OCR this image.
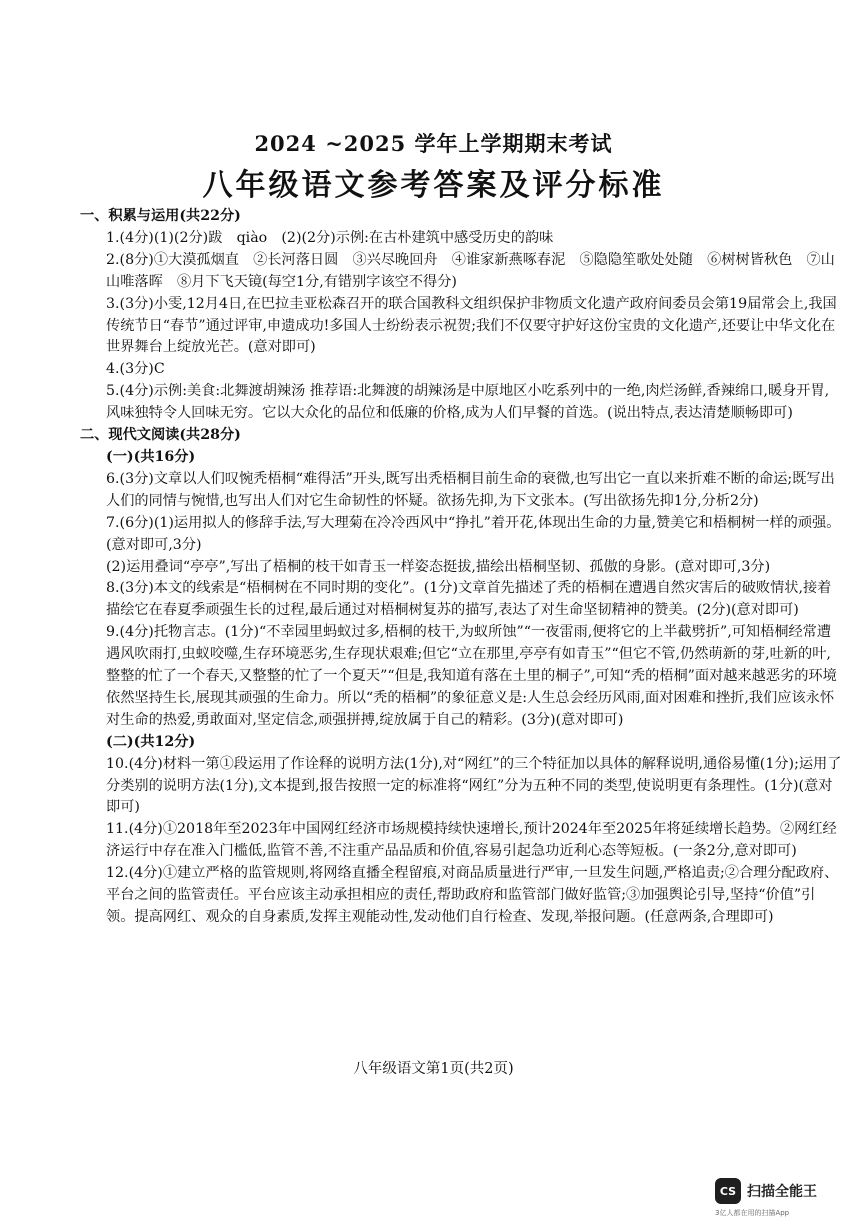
2024 ~2025 学年上学期期末考试
八年级语文参考答案及评分标准

一、积累与运用(共22分)

1.(4分)(1)(2分)跋　qiào　(2)(2分)示例:在古朴建筑中感受历史的韵味

2.(8分)①大漠孤烟直　②长河落日圆　③兴尽晚回舟　④谁家新燕啄春泥　⑤隐隐笙歌处处随　⑥树树皆秋色　⑦山山唯落晖　⑧月下飞天镜(每空1分,有错别字该空不得分)

3.(3分)小雯,12月4日,在巴拉圭亚松森召开的联合国教科文组织保护非物质文化遗产政府间委员会第19届常会上,我国传统节日“春节”通过评审,申遗成功!多国人士纷纷表示祝贺;我们不仅要守护好这份宝贵的文化遗产,还要让中华文化在世界舞台上绽放光芒。(意对即可)

4.(3分)C

5.(4分)示例:美食:北舞渡胡辣汤 推荐语:北舞渡的胡辣汤是中原地区小吃系列中的一绝,肉烂汤鲜,香辣绵口,暖身开胃,风味独特令人回味无穷。它以大众化的品位和低廉的价格,成为人们早餐的首选。(说出特点,表达清楚顺畅即可)

二、现代文阅读(共28分)

(一)(共16分)

6.(3分)文章以人们叹惋秃梧桐“难得活”开头,既写出秃梧桐目前生命的衰微,也写出它一直以来折难不断的命运;既写出人们的同情与惋惜,也写出人们对它生命韧性的怀疑。欲扬先抑,为下文张本。(写出欲扬先抑1分,分析2分)

7.(6分)(1)运用拟人的修辞手法,写大理菊在冷冷西风中“挣扎”着开花,体现出生命的力量,赞美它和梧桐树一样的顽强。(意对即可,3分)

(2)运用叠词“亭亭”,写出了梧桐的枝干如青玉一样姿态挺拔,描绘出梧桐坚韧、孤傲的身影。(意对即可,3分)

8.(3分)本文的线索是“梧桐树在不同时期的变化”。(1分)文章首先描述了秃的梧桐在遭遇自然灾害后的破败情状,接着描绘它在春夏季顽强生长的过程,最后通过对梧桐树复苏的描写,表达了对生命坚韧精神的赞美。(2分)(意对即可)

9.(4分)托物言志。(1分)“不幸园里蚂蚁过多,梧桐的枝干,为蚁所蚀”“一夜雷雨,便将它的上半截劈折”,可知梧桐经常遭遇风吹雨打,虫蚁咬噬,生存环境恶劣,生存现状艰难;但它“立在那里,亭亭有如青玉”“但它不管,仍然萌新的芽,吐新的叶,整整的忙了一个春天,又整整的忙了一个夏天”“但是,我知道有落在土里的桐子”,可知“秃的梧桐”面对越来越恶劣的环境依然坚持生长,展现其顽强的生命力。所以“秃的梧桐”的象征意义是:人生总会经历风雨,面对困难和挫折,我们应该永怀对生命的热爱,勇敢面对,坚定信念,顽强拼搏,绽放属于自己的精彩。(3分)(意对即可)

(二)(共12分)

10.(4分)材料一第①段运用了作诠释的说明方法(1分),对“网红”的三个特征加以具体的解释说明,通俗易懂(1分);运用了分类别的说明方法(1分),文本提到,报告按照一定的标准将“网红”分为五种不同的类型,使说明更有条理性。(1分)(意对即可)

11.(4分)①2018年至2023年中国网红经济市场规模持续快速增长,预计2024年至2025年将延续增长趋势。②网红经济运行中存在准入门槛低,监管不善,不注重产品品质和价值,容易引起急功近利心态等短板。(一条2分,意对即可)

12.(4分)①建立严格的监管规则,将网络直播全程留痕,对商品质量进行严审,一旦发生问题,严格追责;②合理分配政府、平台之间的监管责任。平台应该主动承担相应的责任,帮助政府和监管部门做好监管;③加强舆论引导,坚持“价值”引领。提高网红、观众的自身素质,发挥主观能动性,发动他们自行检查、发现,举报问题。(任意两条,合理即可)

八年级语文第1页(共2页)
CS 扫描全能王
3亿人都在用的扫描App
